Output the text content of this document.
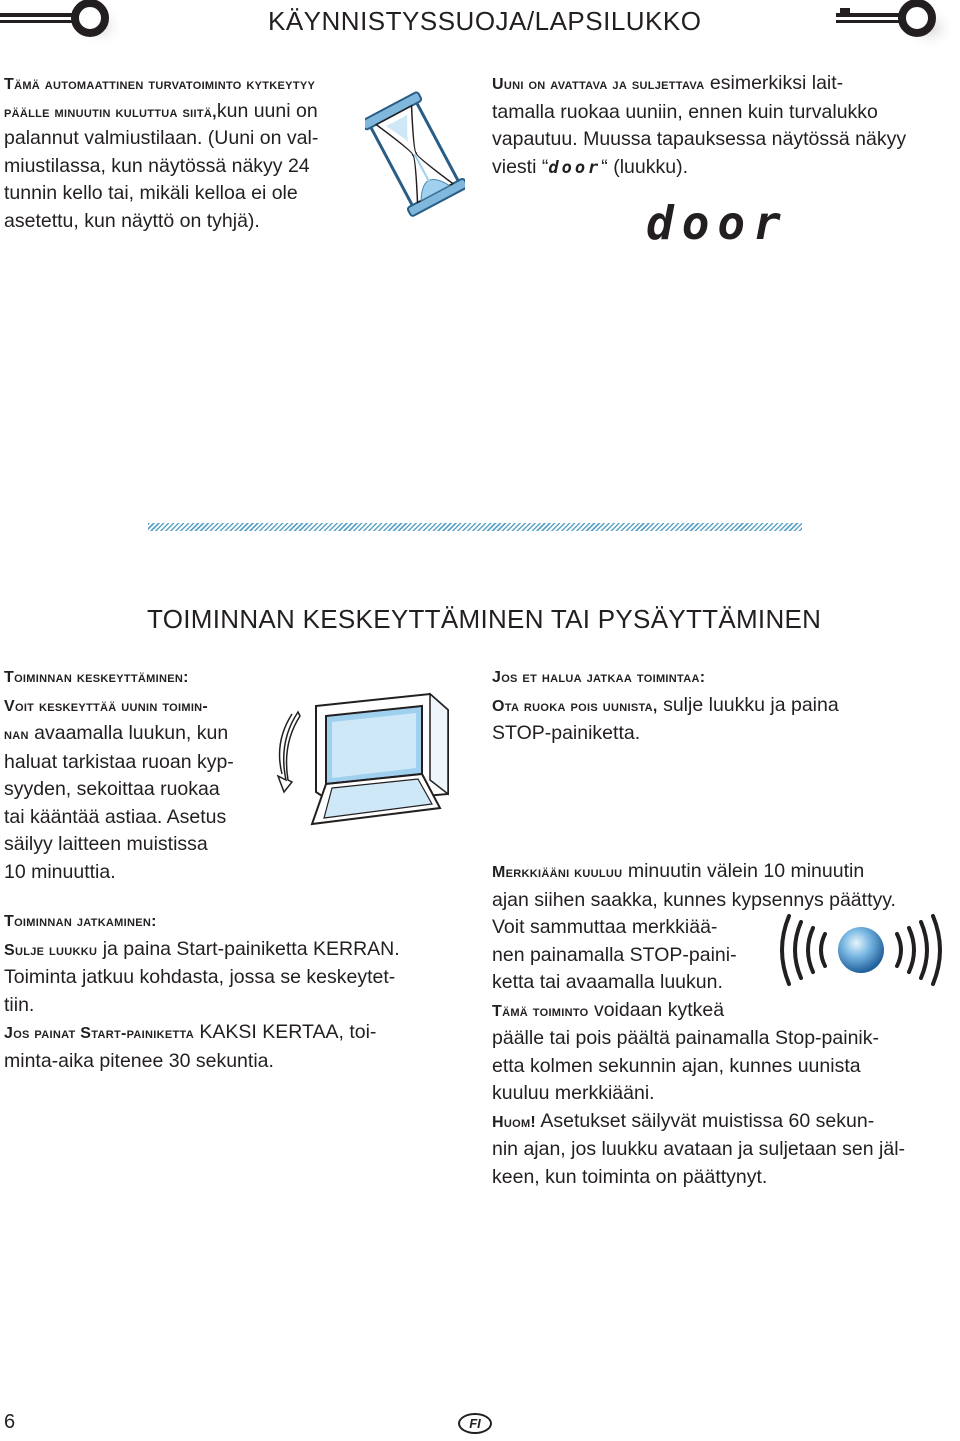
KÄYNNISTYSSUOJA/LAPSILUKKO
Tämä automaattinen turvatoiminto kytkeytyy
päälle minuutin kuluttua siitä,kun uuni on
palannut valmiustilaan. (Uuni on val-
miustilassa, kun näytössä näkyy 24
tunnin kello tai, mikäli kelloa ei ole
asetettu, kun näyttö on tyhjä).
Uuni on avattava ja suljettava esimerkiksi lait-
tamalla ruokaa uuniin, ennen kuin turvalukko
vapautuu. Muussa tapauksessa näytössä näkyy
viesti “door“ (luukku).
door
TOIMINNAN KESKEYTTÄMINEN TAI PYSÄYTTÄMINEN
Toiminnan keskeyttäminen:
Voit keskeyttää uunin toimin-
nan avaamalla luukun, kun
haluat tarkistaa ruoan kyp-
syyden, sekoittaa ruokaa
tai kääntää astiaa. Asetus
säilyy laitteen muistissa
10 minuuttia.
Toiminnan jatkaminen:
Sulje luukku ja paina Start-painiketta KERRAN.
Toiminta jatkuu kohdasta, jossa se keskeytet-
tiin.
Jos painat Start-painiketta KAKSI KERTAA, toi-
minta-aika pitenee 30 sekuntia.
Jos et halua jatkaa toimintaa:
Ota ruoka pois uunista, sulje luukku ja paina
STOP-painiketta.
Merkkiääni kuuluu minuutin välein 10 minuutin
ajan siihen saakka, kunnes kypsennys päättyy.
Voit sammuttaa merkkiää-
nen painamalla STOP-paini-
ketta tai avaamalla luukun.
Tämä toiminto voidaan kytkeä
päälle tai pois päältä painamalla Stop-painik-
etta kolmen sekunnin ajan, kunnes uunista
kuuluu merkkiääni.
Huom! Asetukset säilyvät muistissa 60 sekun-
nin ajan, jos luukku avataan ja suljetaan sen jäl-
keen, kun toiminta on päättynyt.
6	FI
